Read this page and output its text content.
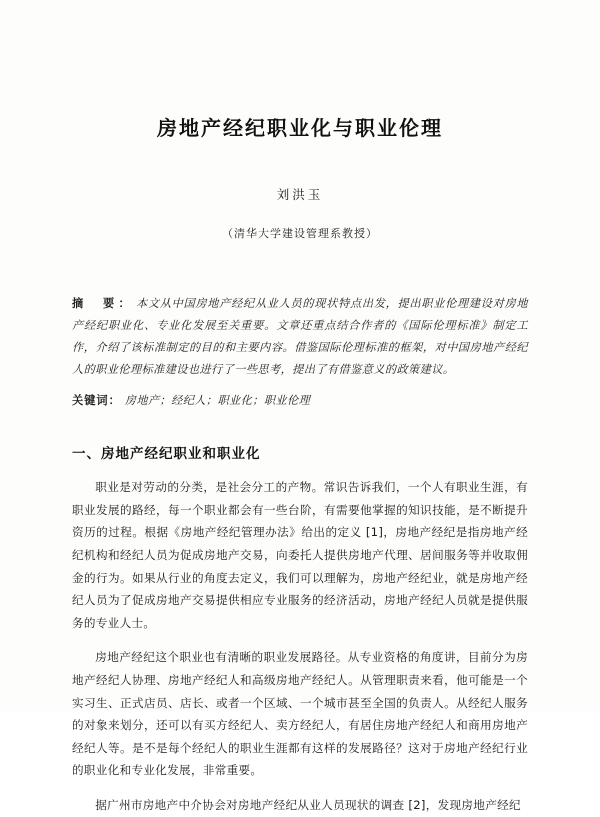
房地产经纪职业化与职业伦理
刘洪玉
（清华大学建设管理系教授）
摘　要： 本文从中国房地产经纪从业人员的现状特点出发，提出职业伦理建设对房地产经纪职业化、专业化发展至关重要。文章还重点结合作者的《国际伦理标准》制定工作，介绍了该标准制定的目的和主要内容。借鉴国际伦理标准的框架，对中国房地产经纪人的职业伦理标准建设也进行了一些思考，提出了有借鉴意义的政策建议。
关键词： 房地产；经纪人；职业化；职业伦理
一、房地产经纪职业和职业化

职业是对劳动的分类，是社会分工的产物。常识告诉我们，一个人有职业生涯，有职业发展的路经，每一个职业都会有一些台阶，有需要他掌握的知识技能，是不断提升资历的过程。根据《房地产经纪管理办法》给出的定义 [1]，房地产经纪是指房地产经纪机构和经纪人员为促成房地产交易，向委托人提供房地产代理、居间服务等并收取佣金的行为。如果从行业的角度去定义，我们可以理解为，房地产经纪业，就是房地产经纪人员为了促成房地产交易提供相应专业服务的经济活动，房地产经纪人员就是提供服务的专业人士。

房地产经纪这个职业也有清晰的职业发展路径。从专业资格的角度讲，目前分为房地产经纪人协理、房地产经纪人和高级房地产经纪人。从管理职责来看，他可能是一个实习生、正式店员、店长、或者一个区域、一个城市甚至全国的负责人。从经纪人服务的对象来划分，还可以有买方经纪人、卖方经纪人，有居住房地产经纪人和商用房地产经纪人等。是不是每个经纪人的职业生涯都有这样的发展路径？这对于房地产经纪行业的职业化和专业化发展，非常重要。

据广州市房地产中介协会对房地产经纪从业人员现状的调查 [2]，发现房地产经纪
